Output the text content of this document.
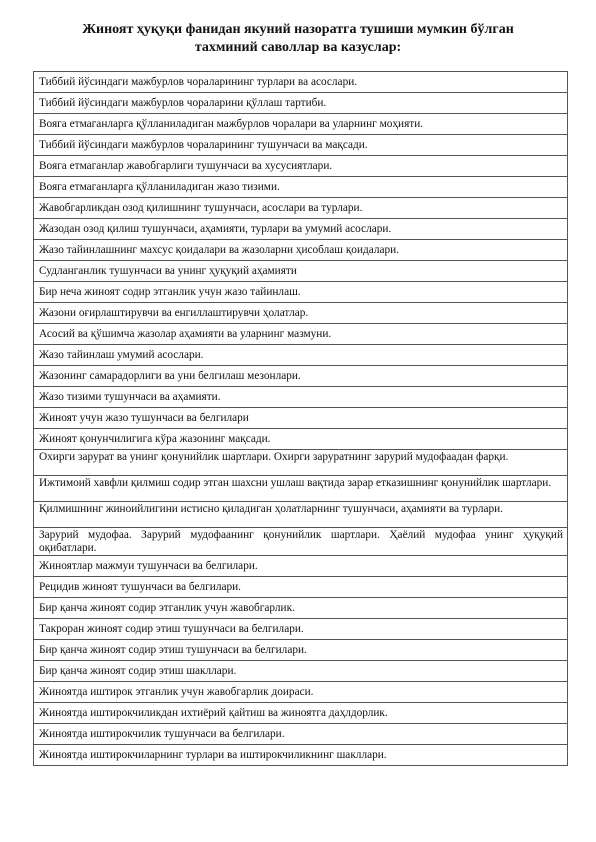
Жиноят ҳуқуқи фанидан якуний назоратга тушиши мумкин бўлган
тахминий саволлар ва казуслар:
Тиббий йўсиндаги мажбурлов чораларининг турлари ва асослари.
Тиббий йўсиндаги мажбурлов чораларини қўллаш тартиби.
Вояга етмаганларга қўлланиладиган мажбурлов чоралари ва уларнинг моҳияти.
Тиббий йўсиндаги мажбурлов чораларининг тушунчаси ва мақсади.
Вояга етмаганлар жавобгарлиги тушунчаси ва хусусиятлари.
Вояга етмаганларга қўлланиладиган жазо тизими.
Жавобгарликдан озод қилишнинг тушунчаси, асослари ва турлари.
Жазодан озод қилиш тушунчаси, аҳамияти, турлари ва умумий асослари.
Жазо тайинлашнинг махсус қоидалари ва жазоларни ҳисоблаш қоидалари.
Судланганлик тушунчаси ва унинг ҳуқуқий аҳамияти
Бир неча жиноят содир этганлик учун жазо тайинлаш.
Жазони оғирлаштирувчи ва енгиллаштирувчи ҳолатлар.
Асосий ва қўшимча жазолар аҳамияти ва уларнинг мазмуни.
Жазо тайинлаш умумий асослари.
Жазонинг самарадорлиги ва уни белгилаш мезонлари.
Жазо тизими тушунчаси ва аҳамияти.
Жиноят учун жазо тушунчаси ва белгилари
Жиноят қонунчилигига кўра жазонинг мақсади.
Охирги зарурат ва унинг қонунийлик шартлари. Охирги заруратнинг зарурий мудофаадан фарқи.
Ижтимоий хавфли қилмиш содир этган шахсни ушлаш вақтида зарар етказишнинг қонунийлик шартлари.
Қилмишнинг жиноийлигини истисно қиладиган ҳолатларнинг тушунчаси, аҳамияти ва турлари.
Зарурий мудофаа. Зарурий мудофаанинг қонунийлик шартлари. Ҳаёлий мудофаа унинг ҳуқуқий оқибатлари.
Жиноятлар мажмуи тушунчаси ва белгилари.
Рецидив жиноят тушунчаси ва белгилари.
Бир қанча жиноят содир этганлик учун жавобгарлик.
Такроран жиноят содир этиш тушунчаси ва белгилари.
Бир қанча жиноят содир этиш тушунчаси ва белгилари.
Бир қанча жиноят содир этиш шакллари.
Жиноятда иштирок этганлик учун жавобгарлик доираси.
Жиноятда иштирокчиликдан ихтиёрий қайтиш ва жиноятга даҳлдорлик.
Жиноятда иштирокчилик тушунчаси ва белгилари.
Жиноятда иштирокчиларнинг турлари ва иштирокчиликнинг шакллари.
